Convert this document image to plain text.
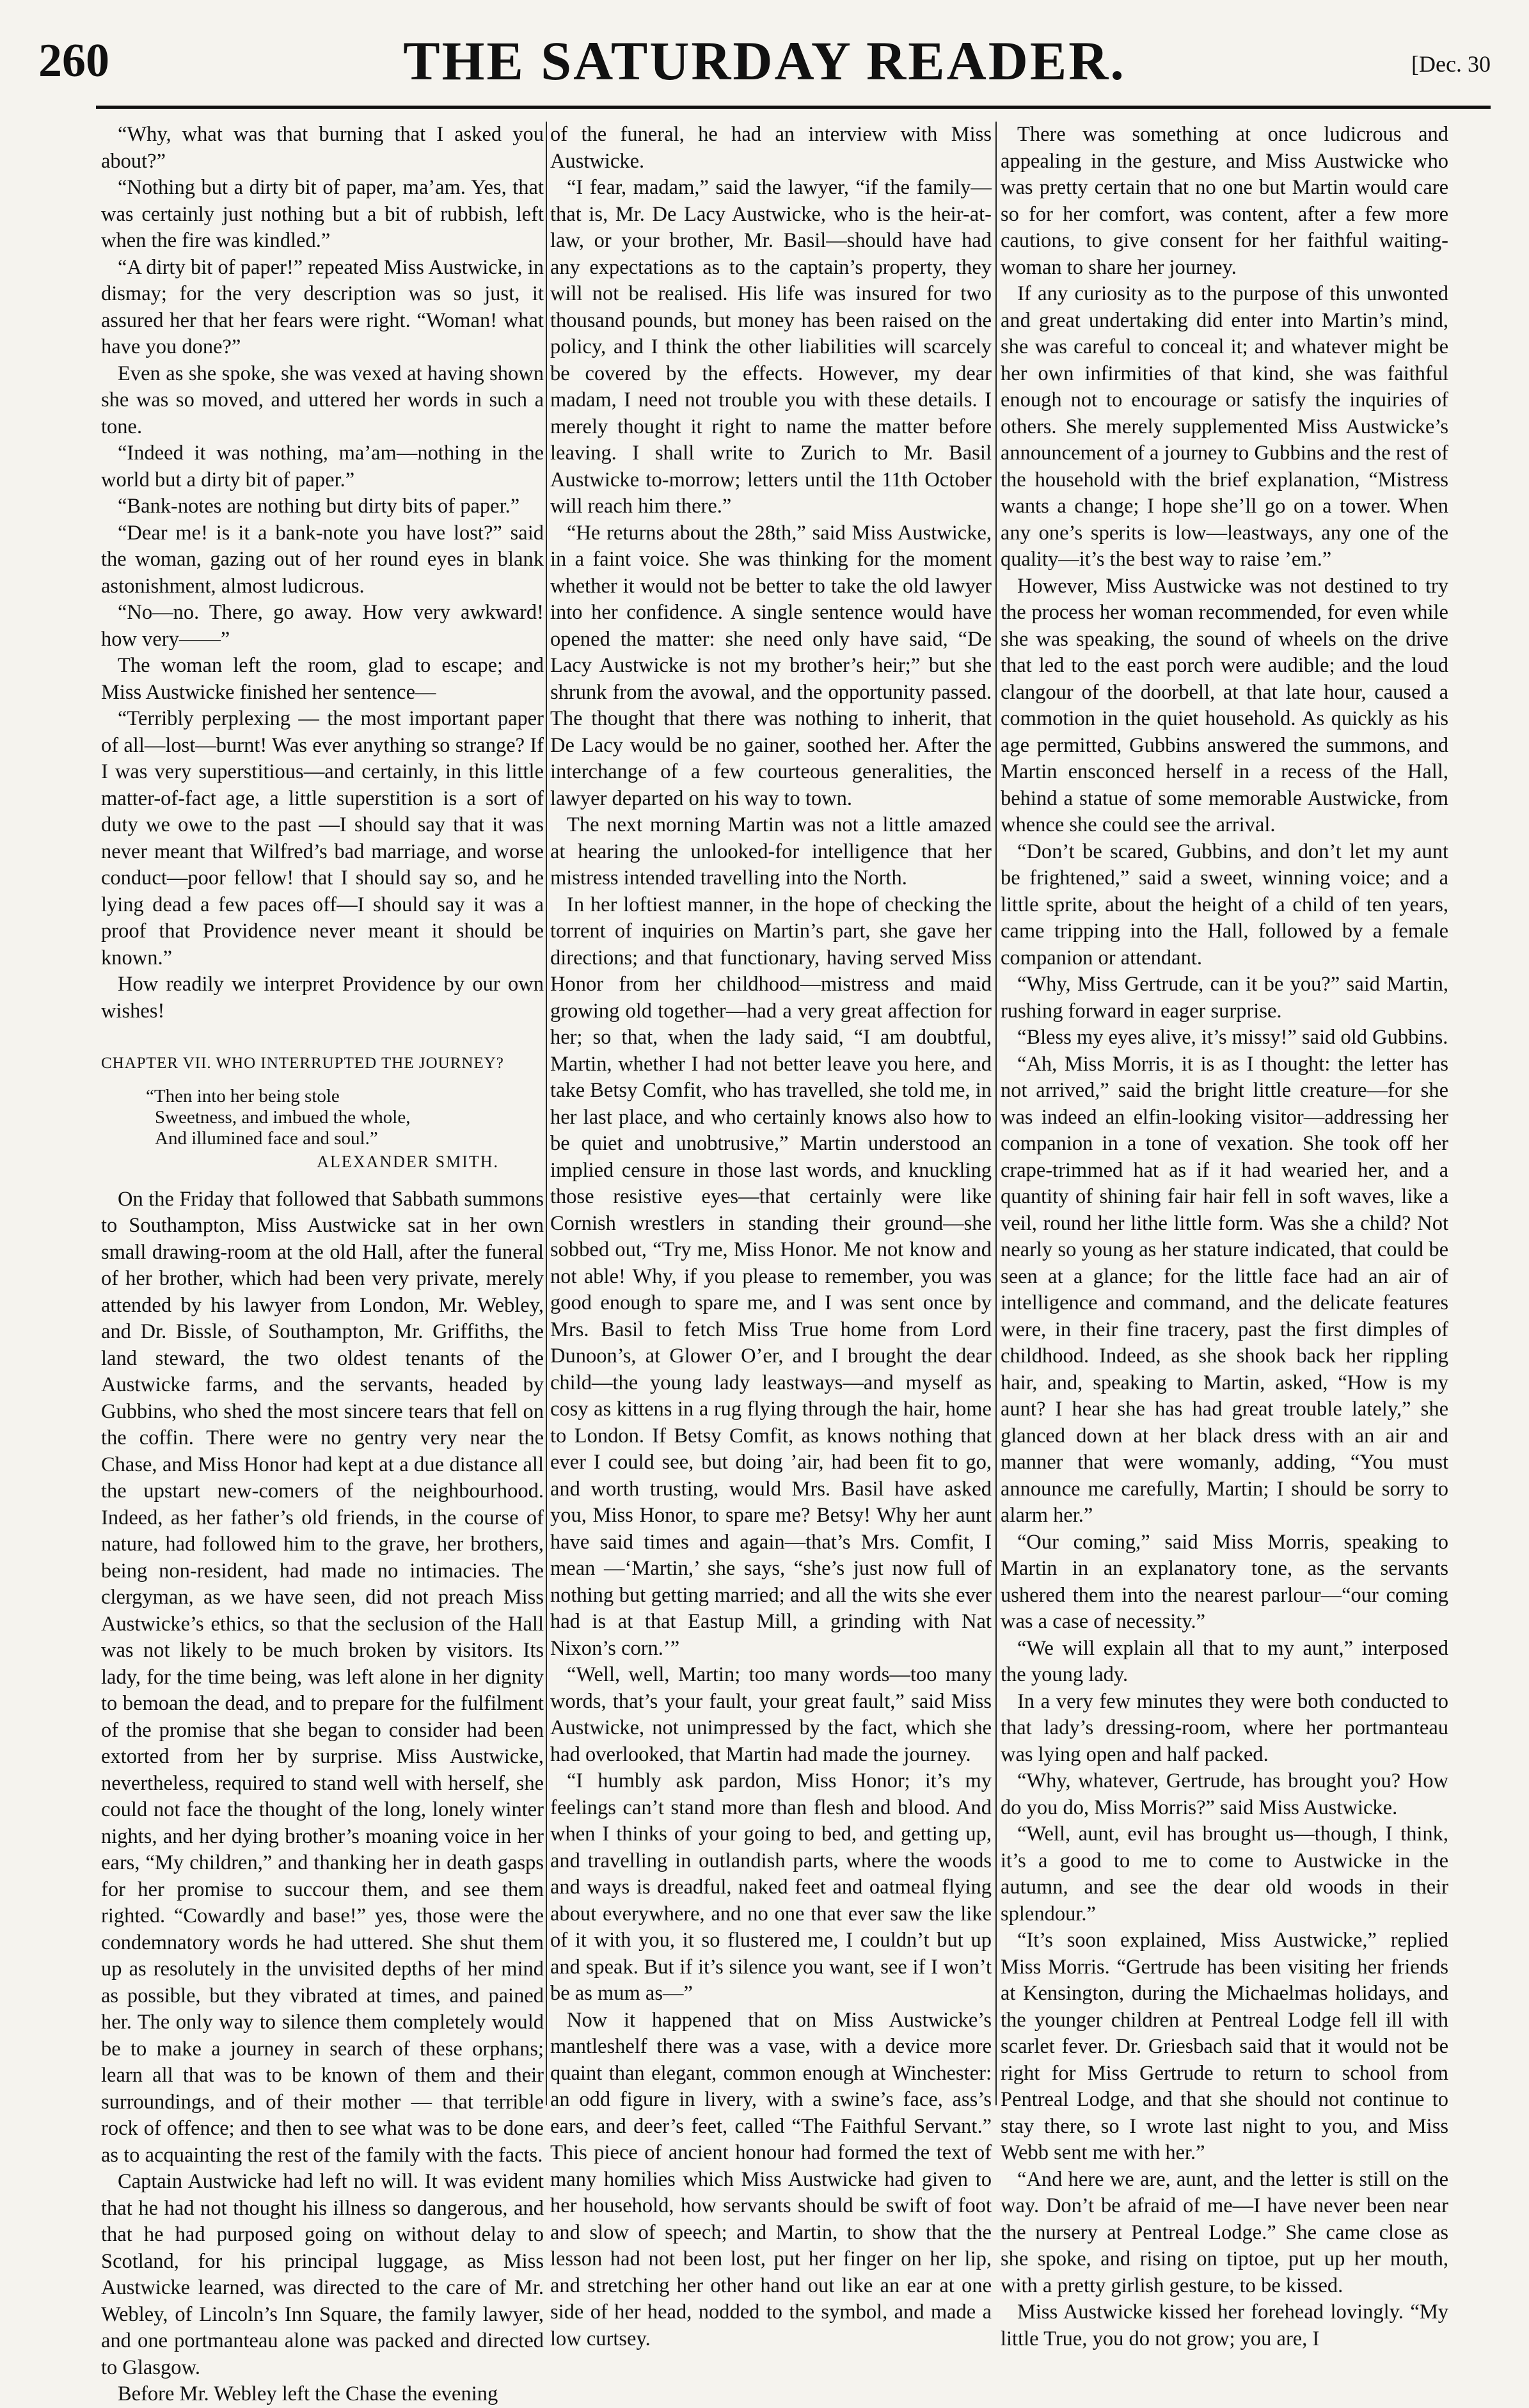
260	THE SATURDAY READER.	[Dec. 30

“Why, what was that burning that I asked you about?”

“Nothing but a dirty bit of paper, ma’am. Yes, that was certainly just nothing but a bit of rubbish, left when the fire was kindled.”

“A dirty bit of paper!” repeated Miss Austwicke, in dismay; for the very description was so just, it assured her that her fears were right. “Woman! what have you done?”

Even as she spoke, she was vexed at having shown she was so moved, and uttered her words in such a tone.

“Indeed it was nothing, ma’am—nothing in the world but a dirty bit of paper.”

“Bank-notes are nothing but dirty bits of paper.”

“Dear me! is it a bank-note you have lost?” said the woman, gazing out of her round eyes in blank astonishment, almost ludicrous.

“No—no. There, go away. How very awkward! how very——”

The woman left the room, glad to escape; and Miss Austwicke finished her sentence—

“Terribly perplexing — the most important paper of all—lost—burnt! Was ever anything so strange? If I was very superstitious—and certainly, in this little matter-of-fact age, a little superstition is a sort of duty we owe to the past —I should say that it was never meant that Wilfred’s bad marriage, and worse conduct—poor fellow! that I should say so, and he lying dead a few paces off—I should say it was a proof that Providence never meant it should be known.”

How readily we interpret Providence by our own wishes!

CHAPTER VII. WHO INTERRUPTED THE JOURNEY?
“Then into her being stole
Sweetness, and imbued the whole,
And illumined face and soul.”
ALEXANDER SMITH.

On the Friday that followed that Sabbath summons to Southampton, Miss Austwicke sat in her own small drawing-room at the old Hall, after the funeral of her brother, which had been very private, merely attended by his lawyer from London, Mr. Webley, and Dr. Bissle, of Southampton, Mr. Griffiths, the land steward, the two oldest tenants of the Austwicke farms, and the servants, headed by Gubbins, who shed the most sincere tears that fell on the coffin. There were no gentry very near the Chase, and Miss Honor had kept at a due distance all the upstart new-comers of the neighbourhood. Indeed, as her father’s old friends, in the course of nature, had followed him to the grave, her brothers, being non-resident, had made no intimacies. The clergyman, as we have seen, did not preach Miss Austwicke’s ethics, so that the seclusion of the Hall was not likely to be much broken by visitors. Its lady, for the time being, was left alone in her dignity to bemoan the dead, and to prepare for the fulfilment of the promise that she began to consider had been extorted from her by surprise. Miss Austwicke, nevertheless, required to stand well with herself, she could not face the thought of the long, lonely winter nights, and her dying brother’s moaning voice in her ears, “My children,” and thanking her in death gasps for her promise to succour them, and see them righted. “Cowardly and base!” yes, those were the condemnatory words he had uttered. She shut them up as resolutely in the unvisited depths of her mind as possible, but they vibrated at times, and pained her. The only way to silence them completely would be to make a journey in search of these orphans; learn all that was to be known of them and their surroundings, and of their mother — that terrible rock of offence; and then to see what was to be done as to acquainting the rest of the family with the facts.

Captain Austwicke had left no will. It was evident that he had not thought his illness so dangerous, and that he had purposed going on without delay to Scotland, for his principal luggage, as Miss Austwicke learned, was directed to the care of Mr. Webley, of Lincoln’s Inn Square, the family lawyer, and one portmanteau alone was packed and directed to Glasgow.

Before Mr. Webley left the Chase the evening

of the funeral, he had an interview with Miss Austwicke.

“I fear, madam,” said the lawyer, “if the family—that is, Mr. De Lacy Austwicke, who is the heir-at-law, or your brother, Mr. Basil—should have had any expectations as to the captain’s property, they will not be realised. His life was insured for two thousand pounds, but money has been raised on the policy, and I think the other liabilities will scarcely be covered by the effects. However, my dear madam, I need not trouble you with these details. I merely thought it right to name the matter before leaving. I shall write to Zurich to Mr. Basil Austwicke to-morrow; letters until the 11th October will reach him there.”

“He returns about the 28th,” said Miss Austwicke, in a faint voice. She was thinking for the moment whether it would not be better to take the old lawyer into her confidence. A single sentence would have opened the matter: she need only have said, “De Lacy Austwicke is not my brother’s heir;” but she shrunk from the avowal, and the opportunity passed. The thought that there was nothing to inherit, that De Lacy would be no gainer, soothed her. After the interchange of a few courteous generalities, the lawyer departed on his way to town.

The next morning Martin was not a little amazed at hearing the unlooked-for intelligence that her mistress intended travelling into the North.

In her loftiest manner, in the hope of checking the torrent of inquiries on Martin’s part, she gave her directions; and that functionary, having served Miss Honor from her childhood—mistress and maid growing old together—had a very great affection for her; so that, when the lady said, “I am doubtful, Martin, whether I had not better leave you here, and take Betsy Comfit, who has travelled, she told me, in her last place, and who certainly knows also how to be quiet and unobtrusive,” Martin understood an implied censure in those last words, and knuckling those resistive eyes—that certainly were like Cornish wrestlers in standing their ground—she sobbed out, “Try me, Miss Honor. Me not know and not able! Why, if you please to remember, you was good enough to spare me, and I was sent once by Mrs. Basil to fetch Miss True home from Lord Dunoon’s, at Glower O’er, and I brought the dear child—the young lady leastways—and myself as cosy as kittens in a rug flying through the hair, home to London. If Betsy Comfit, as knows nothing that ever I could see, but doing ’air, had been fit to go, and worth trusting, would Mrs. Basil have asked you, Miss Honor, to spare me? Betsy! Why her aunt have said times and again—that’s Mrs. Comfit, I mean —‘Martin,’ she says, “she’s just now full of nothing but getting married; and all the wits she ever had is at that Eastup Mill, a grinding with Nat Nixon’s corn.’”

“Well, well, Martin; too many words—too many words, that’s your fault, your great fault,” said Miss Austwicke, not unimpressed by the fact, which she had overlooked, that Martin had made the journey.

“I humbly ask pardon, Miss Honor; it’s my feelings can’t stand more than flesh and blood. And when I thinks of your going to bed, and getting up, and travelling in outlandish parts, where the woods and ways is dreadful, naked feet and oatmeal flying about everywhere, and no one that ever saw the like of it with you, it so flustered me, I couldn’t but up and speak. But if it’s silence you want, see if I won’t be as mum as—”

Now it happened that on Miss Austwicke’s mantleshelf there was a vase, with a device more quaint than elegant, common enough at Winchester: an odd figure in livery, with a swine’s face, ass’s ears, and deer’s feet, called “The Faithful Servant.” This piece of ancient honour had formed the text of many homilies which Miss Austwicke had given to her household, how servants should be swift of foot and slow of speech; and Martin, to show that the lesson had not been lost, put her finger on her lip, and stretching her other hand out like an ear at one side of her head, nodded to the symbol, and made a low curtsey.

There was something at once ludicrous and appealing in the gesture, and Miss Austwicke who was pretty certain that no one but Martin would care so for her comfort, was content, after a few more cautions, to give consent for her faithful waiting-woman to share her journey.

If any curiosity as to the purpose of this unwonted and great undertaking did enter into Martin’s mind, she was careful to conceal it; and whatever might be her own infirmities of that kind, she was faithful enough not to encourage or satisfy the inquiries of others. She merely supplemented Miss Austwicke’s announcement of a journey to Gubbins and the rest of the household with the brief explanation, “Mistress wants a change; I hope she’ll go on a tower. When any one’s sperits is low—leastways, any one of the quality—it’s the best way to raise ’em.”

However, Miss Austwicke was not destined to try the process her woman recommended, for even while she was speaking, the sound of wheels on the drive that led to the east porch were audible; and the loud clangour of the doorbell, at that late hour, caused a commotion in the quiet household. As quickly as his age permitted, Gubbins answered the summons, and Martin ensconced herself in a recess of the Hall, behind a statue of some memorable Austwicke, from whence she could see the arrival.

“Don’t be scared, Gubbins, and don’t let my aunt be frightened,” said a sweet, winning voice; and a little sprite, about the height of a child of ten years, came tripping into the Hall, followed by a female companion or attendant.

“Why, Miss Gertrude, can it be you?” said Martin, rushing forward in eager surprise.

“Bless my eyes alive, it’s missy!” said old Gubbins.

“Ah, Miss Morris, it is as I thought: the letter has not arrived,” said the bright little creature—for she was indeed an elfin-looking visitor—addressing her companion in a tone of vexation. She took off her crape-trimmed hat as if it had wearied her, and a quantity of shining fair hair fell in soft waves, like a veil, round her lithe little form. Was she a child? Not nearly so young as her stature indicated, that could be seen at a glance; for the little face had an air of intelligence and command, and the delicate features were, in their fine tracery, past the first dimples of childhood. Indeed, as she shook back her rippling hair, and, speaking to Martin, asked, “How is my aunt? I hear she has had great trouble lately,” she glanced down at her black dress with an air and manner that were womanly, adding, “You must announce me carefully, Martin; I should be sorry to alarm her.”

“Our coming,” said Miss Morris, speaking to Martin in an explanatory tone, as the servants ushered them into the nearest parlour—“our coming was a case of necessity.”

“We will explain all that to my aunt,” interposed the young lady.

In a very few minutes they were both conducted to that lady’s dressing-room, where her portmanteau was lying open and half packed.

“Why, whatever, Gertrude, has brought you? How do you do, Miss Morris?” said Miss Austwicke.

“Well, aunt, evil has brought us—though, I think, it’s a good to me to come to Austwicke in the autumn, and see the dear old woods in their splendour.”

“It’s soon explained, Miss Austwicke,” replied Miss Morris. “Gertrude has been visiting her friends at Kensington, during the Michaelmas holidays, and the younger children at Pentreal Lodge fell ill with scarlet fever. Dr. Griesbach said that it would not be right for Miss Gertrude to return to school from Pentreal Lodge, and that she should not continue to stay there, so I wrote last night to you, and Miss Webb sent me with her.”

“And here we are, aunt, and the letter is still on the way. Don’t be afraid of me—I have never been near the nursery at Pentreal Lodge.” She came close as she spoke, and rising on tiptoe, put up her mouth, with a pretty girlish gesture, to be kissed.

Miss Austwicke kissed her forehead lovingly. “My little True, you do not grow; you are, I
